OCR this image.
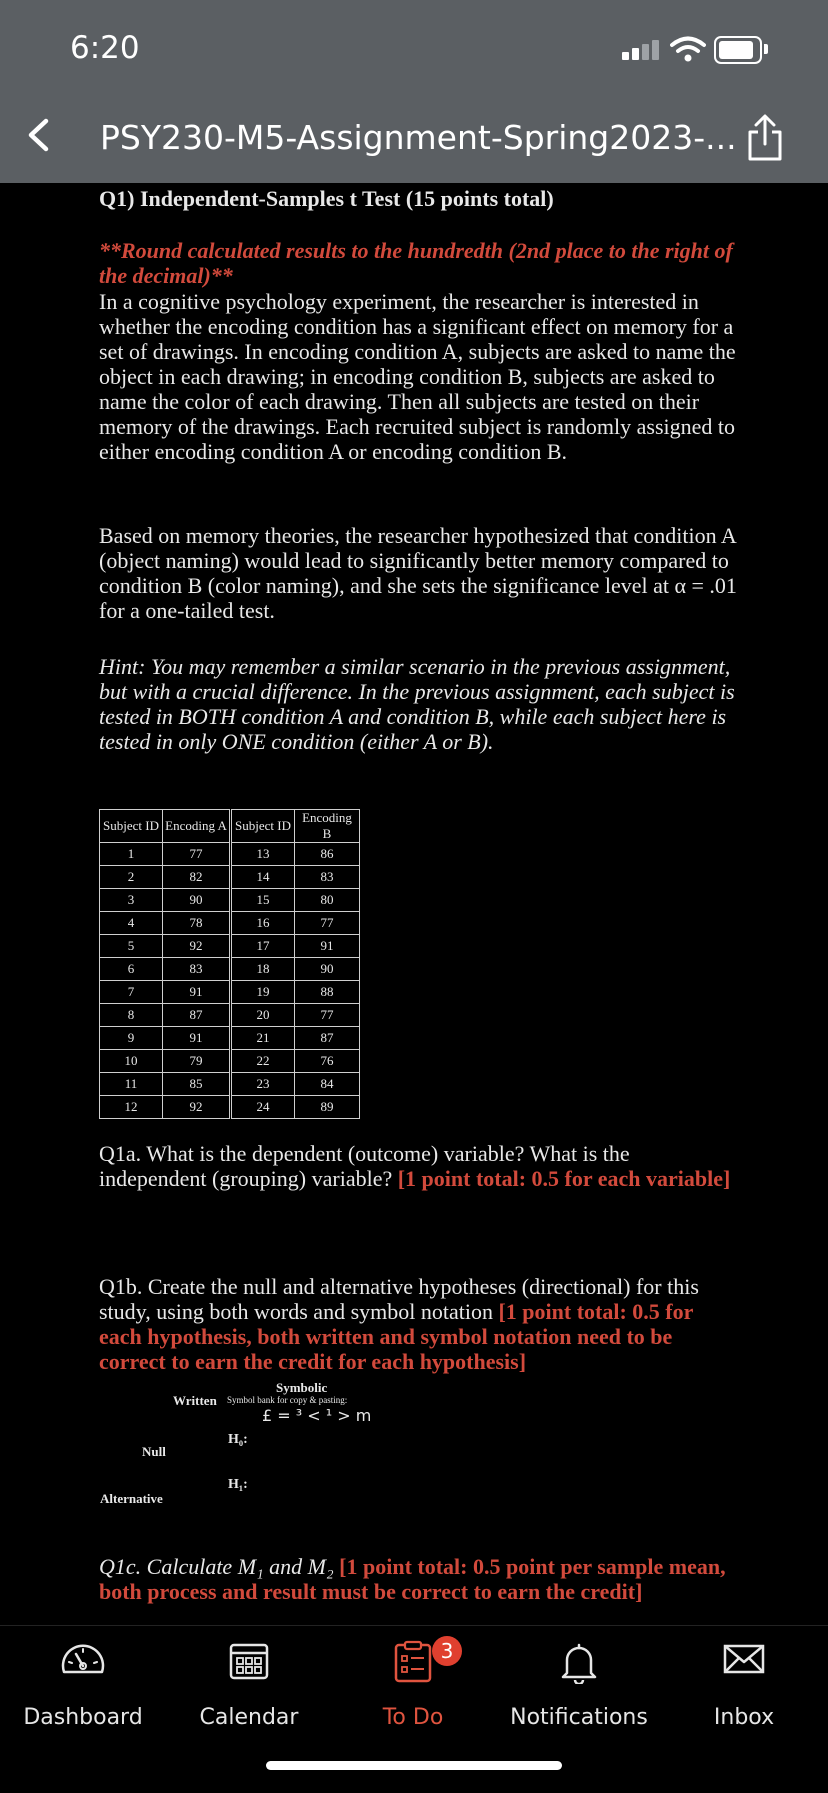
6:20
PSY230-M5-Assignment-Spring2023-...
Q1) Independent-Samples t Test (15 points total)
**Round calculated results to the hundredth (2nd place to the right of the decimal)**
In a cognitive psychology experiment, the researcher is interested in whether the encoding condition has a significant effect on memory for a set of drawings. In encoding condition A, subjects are asked to name the object in each drawing; in encoding condition B, subjects are asked to name the color of each drawing. Then all subjects are tested on their memory of the drawings. Each recruited subject is randomly assigned to either encoding condition A or encoding condition B.
Based on memory theories, the researcher hypothesized that condition A (object naming) would lead to significantly better memory compared to condition B (color naming), and she sets the significance level at α = .01 for a one-tailed test.
Hint: You may remember a similar scenario in the previous assignment, but with a crucial difference. In the previous assignment, each subject is tested in BOTH condition A and condition B, while each subject here is tested in only ONE condition (either A or B).
Subject ID	Encoding A	Subject ID	Encoding B
1	77	13	86
2	82	14	83
3	90	15	80
4	78	16	77
5	92	17	91
6	83	18	90
7	91	19	88
8	87	20	77
9	91	21	87
10	79	22	76
11	85	23	84
12	92	24	89
Q1a. What is the dependent (outcome) variable? What is the independent (grouping) variable? [1 point total: 0.5 for each variable]
Q1b. Create the null and alternative hypotheses (directional) for this study, using both words and symbol notation [1 point total: 0.5 for each hypothesis, both written and symbol notation need to be correct to earn the credit for each hypothesis]
Symbolic
Written Symbol bank for copy & pasting:
£ = ³ < ¹ > m
H₀:
Null
H₁:
Alternative
Q1c. Calculate M₁ and M₂ [1 point total: 0.5 point per sample mean, both process and result must be correct to earn the credit]
Dashboard	Calendar
3
To Do	Notifications	Inbox
